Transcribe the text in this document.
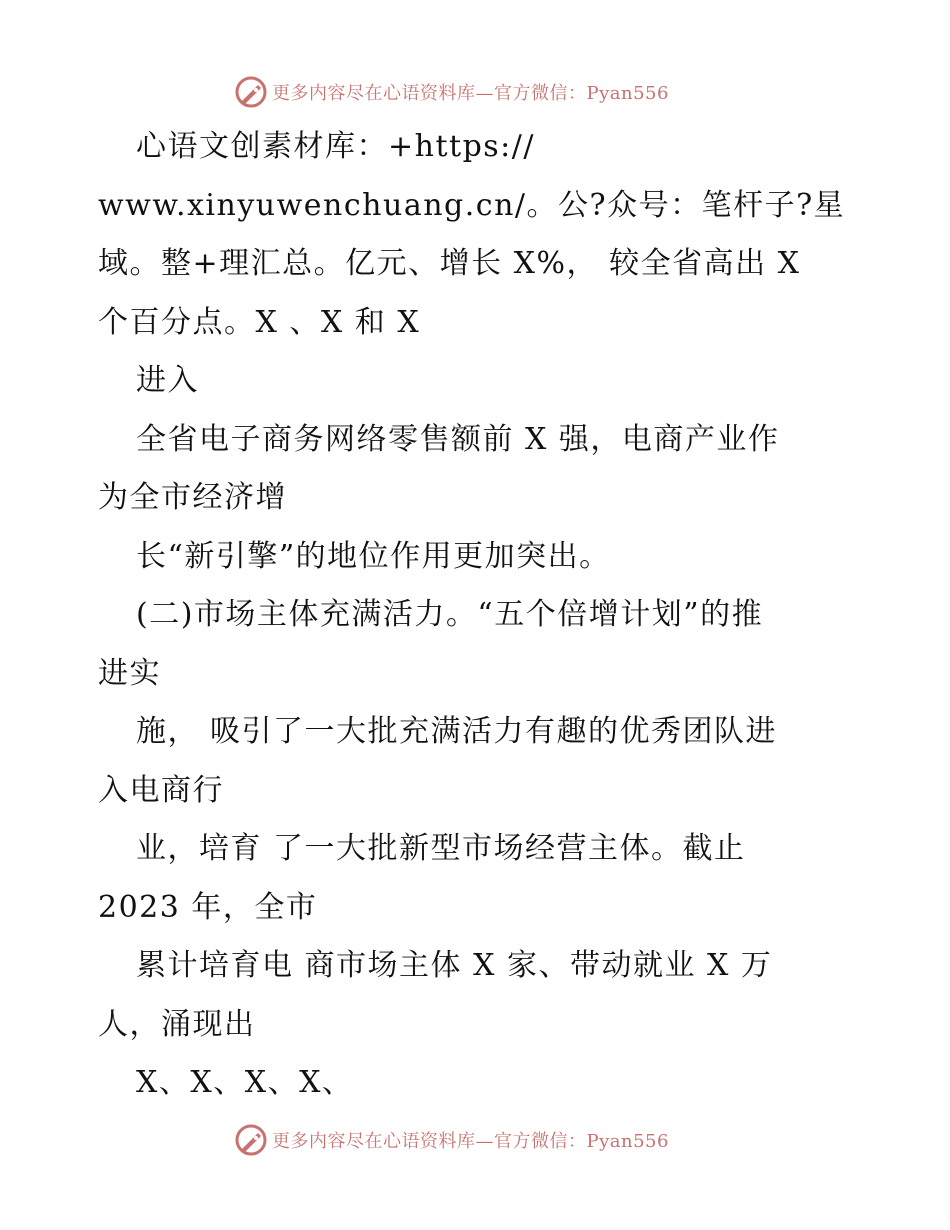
更多内容尽在心语资料库—官方微信：Pyan556
心语文创素材库：+https://
www.xinyuwenchuang.cn/。公?众号：笔杆子?星
域。整+理汇总。亿元、增长 X%， 较全省高出 X
个百分点。X 、X 和 X
进入
全省电子商务网络零售额前 X 强，电商产业作
为全市经济增
长“新引擎”的地位作用更加突出。
(二)市场主体充满活力。“五个倍增计划”的推
进实
施， 吸引了一大批充满活力有趣的优秀团队进
入电商行
业，培育 了一大批新型市场经营主体。截止
2023 年，全市
累计培育电 商市场主体 X 家、带动就业 X 万
人，涌现出
X、X、X、X、
更多内容尽在心语资料库—官方微信：Pyan556
